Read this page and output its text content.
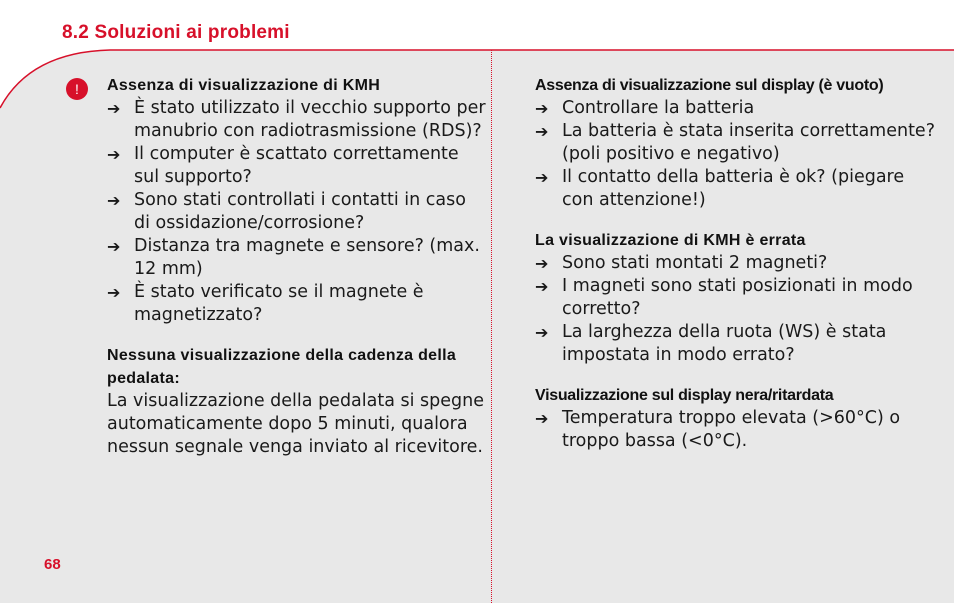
8.2 Soluzioni ai problemi
!	Assenza di visualizzazione di KMH
➔ È stato utilizzato il vecchio supporto per manubrio con radiotrasmissione (RDS)?
➔ Il computer è scattato correttamente sul supporto?
➔ Sono stati controllati i contatti in caso di ossidazione/corrosione?
➔ Distanza tra magnete e sensore? (max. 12 mm)
➔ È stato verificato se il magnete è magnetizzato?
Nessuna visualizzazione della cadenza della pedalata:
La visualizzazione della pedalata si spegne automaticamente dopo 5 minuti, qualora nessun segnale venga inviato al ricevitore.
Assenza di visualizzazione sul display (è vuoto)
➔ Controllare la batteria
➔ La batteria è stata inserita correttamente? (poli positivo e negativo)
➔ Il contatto della batteria è ok? (piegare con attenzione!)
La visualizzazione di KMH è errata
➔ Sono stati montati 2 magneti?
➔ I magneti sono stati posizionati in modo corretto?
➔ La larghezza della ruota (WS) è stata impostata in modo errato?
Visualizzazione sul display nera/ritardata
➔ Temperatura troppo elevata (>60°C) o troppo bassa (<0°C).
68
